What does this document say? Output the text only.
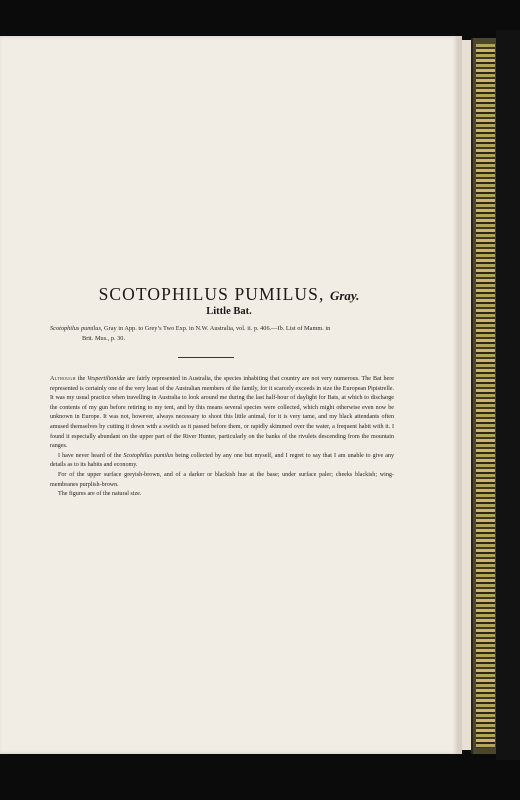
SCOTOPHILUS PUMILUS, Gray.
Little Bat.
Scotophilus pumilus, Gray in App. to Grey’s Two Exp. in N.W. Australia, vol. ii. p. 406.—Ib. List of Mamm. in
Brit. Mus., p. 30.

Although the Vespertilionidæ are fairly represented in Australia, the species inhabiting that country are not very numerous. The Bat here represented is certainly one of the very least of the Australian members of the family, for it scarcely exceeds in size the European Pipistrelle. It was my usual practice when travelling in Australia to look around me during the last half-hour of daylight for Bats, at which to discharge the contents of my gun before retiring to my tent, and by this means several species were collected, which might otherwise even now be unknown in Europe. It was not, however, always necessary to shoot this little animal, for it is very tame, and my black attendants often amused themselves by cutting it down with a switch as it passed before them, or rapidly skimmed over the water, a frequent habit with it. I found it especially abundant on the upper part of the River Hunter, particularly on the banks of the rivulets descending from the mountain ranges.

I have never heard of the Scotophilus pumilus being collected by any one but myself, and I regret to say that I am unable to give any details as to its habits and economy.

For of the upper surface greyish-brown, and of a darker or blackish hue at the base; under surface paler; cheeks blackish; wing-membranes purplish-brown.

The figures are of the natural size.
